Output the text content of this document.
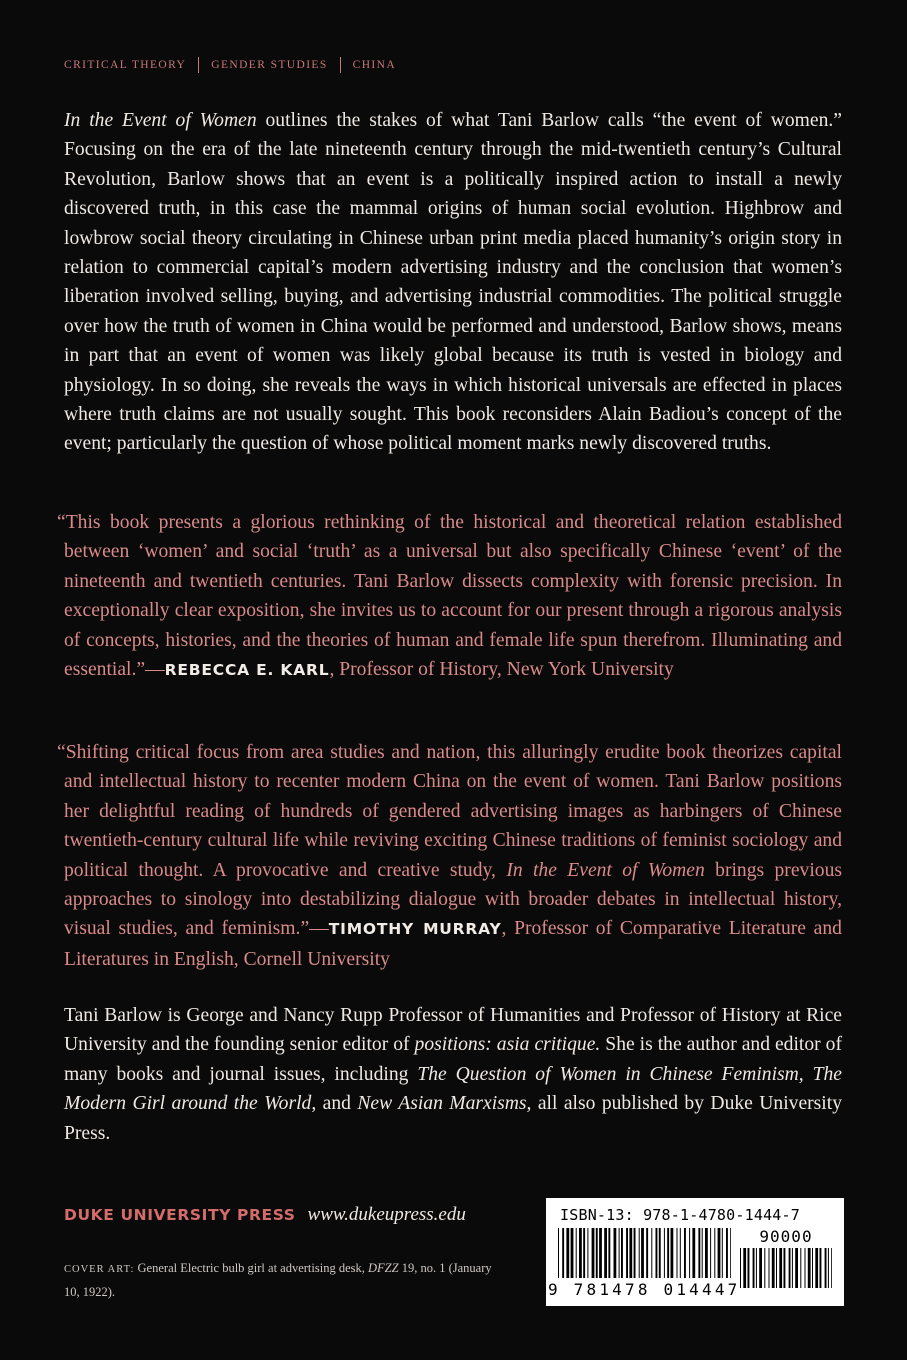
CRITICAL THEORY GENDER STUDIES CHINA

In the Event of Women outlines the stakes of what Tani Barlow calls “the event of women.” Focusing on the era of the late nineteenth century through the mid-twentieth century’s Cultural Revolution, Barlow shows that an event is a politically inspired action to install a newly discovered truth, in this case the mammal origins of human social evolution. Highbrow and lowbrow social theory circulating in Chinese urban print media placed humanity’s origin story in relation to commercial capital’s modern advertising industry and the conclusion that women’s liberation involved selling, buying, and advertising industrial commodities. The political struggle over how the truth of women in China would be performed and understood, Barlow shows, means in part that an event of women was likely global because its truth is vested in biology and physiology. In so doing, she reveals the ways in which historical universals are effected in places where truth claims are not usually sought. This book reconsiders Alain Badiou’s concept of the event; particularly the question of whose political moment marks newly discovered truths.

“This book presents a glorious rethinking of the historical and theoretical relation established between ‘women’ and social ‘truth’ as a universal but also specifically Chinese ‘event’ of the nineteenth and twentieth centuries. Tani Barlow dissects complexity with forensic precision. In exceptionally clear exposition, she invites us to account for our present through a rigorous analysis of concepts, histories, and the theories of human and female life spun therefrom. Illuminating and essential.”—REBECCA E. KARL, Professor of History, New York University

“Shifting critical focus from area studies and nation, this alluringly erudite book theorizes capital and intellectual history to recenter modern China on the event of women. Tani Barlow positions her delightful reading of hundreds of gendered advertising images as harbingers of Chinese twentieth-century cultural life while reviving exciting Chinese traditions of feminist sociology and political thought. A provocative and creative study, In the Event of Women brings previous approaches to sinology into destabilizing dialogue with broader debates in intellectual history, visual studies, and feminism.”—TIMOTHY MURRAY, Professor of Comparative Literature and Literatures in English, Cornell University

Tani Barlow is George and Nancy Rupp Professor of Humanities and Professor of History at Rice University and the founding senior editor of positions: asia critique. She is the author and editor of many books and journal issues, including The Question of Women in Chinese Feminism, The Modern Girl around the World, and New Asian Marxisms, all also published by Duke University Press.

DUKE UNIVERSITY PRESS www.dukeupress.edu
COVER ART: General Electric bulb girl at advertising desk, DFZZ 19, no. 1 (January 10, 1922).
ISBN-13: 978-1-4780-1444-7
90000
9 781478 014447
